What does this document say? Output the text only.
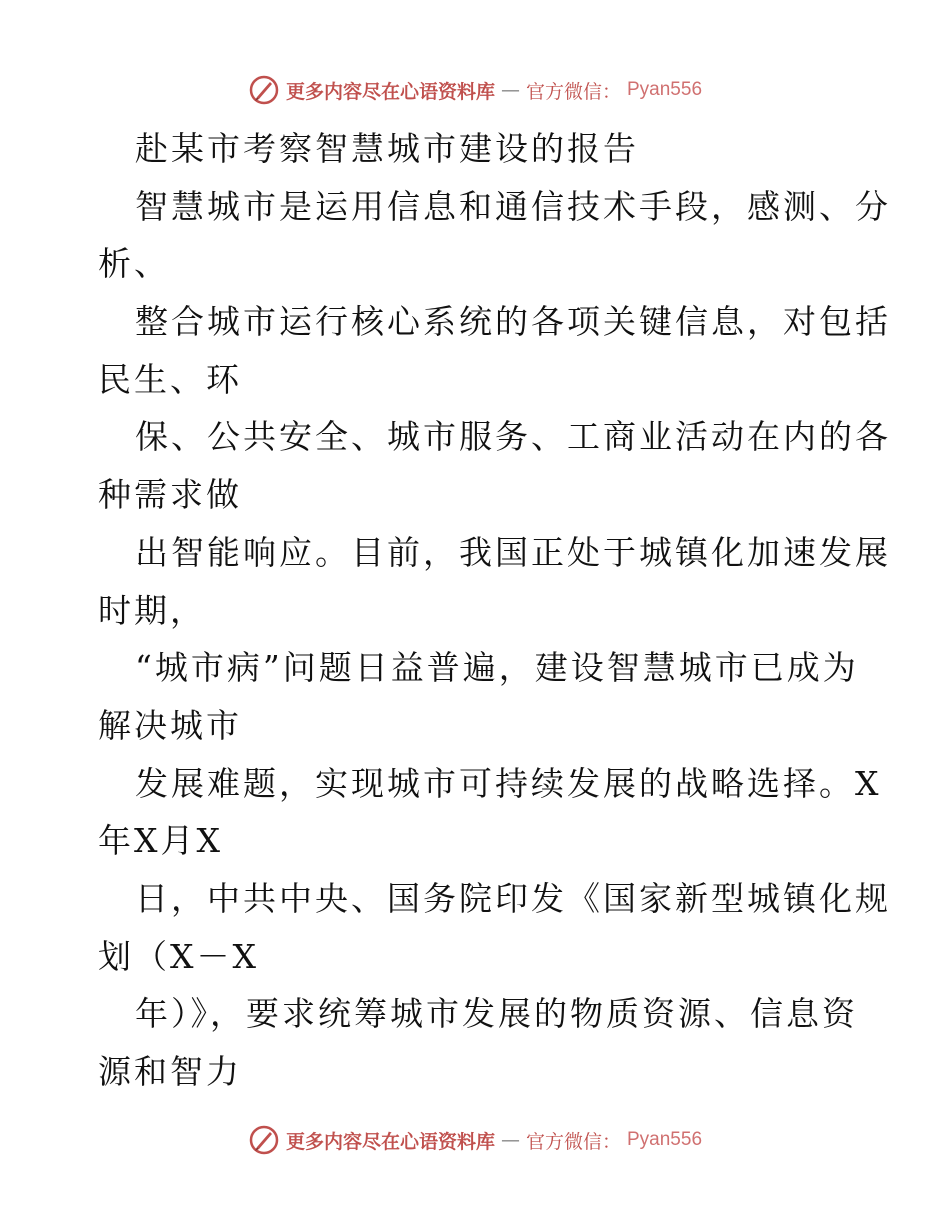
更多内容尽在心语资料库 — 官方微信： Pyan556
赴某市考察智慧城市建设的报告
智慧城市是运用信息和通信技术手段，感测、分
析、
整合城市运行核心系统的各项关键信息，对包括
民生、环
保、公共安全、城市服务、工商业活动在内的各
种需求做
出智能响应。目前，我国正处于城镇化加速发展
时期，
“城市病”问题日益普遍，建设智慧城市已成为
解决城市
发展难题，实现城市可持续发展的战略选择。X
年X月X
日，中共中央、国务院印发《国家新型城镇化规
划（X－X
年）》，要求统筹城市发展的物质资源、信息资
源和智力
更多内容尽在心语资料库 — 官方微信： Pyan556
